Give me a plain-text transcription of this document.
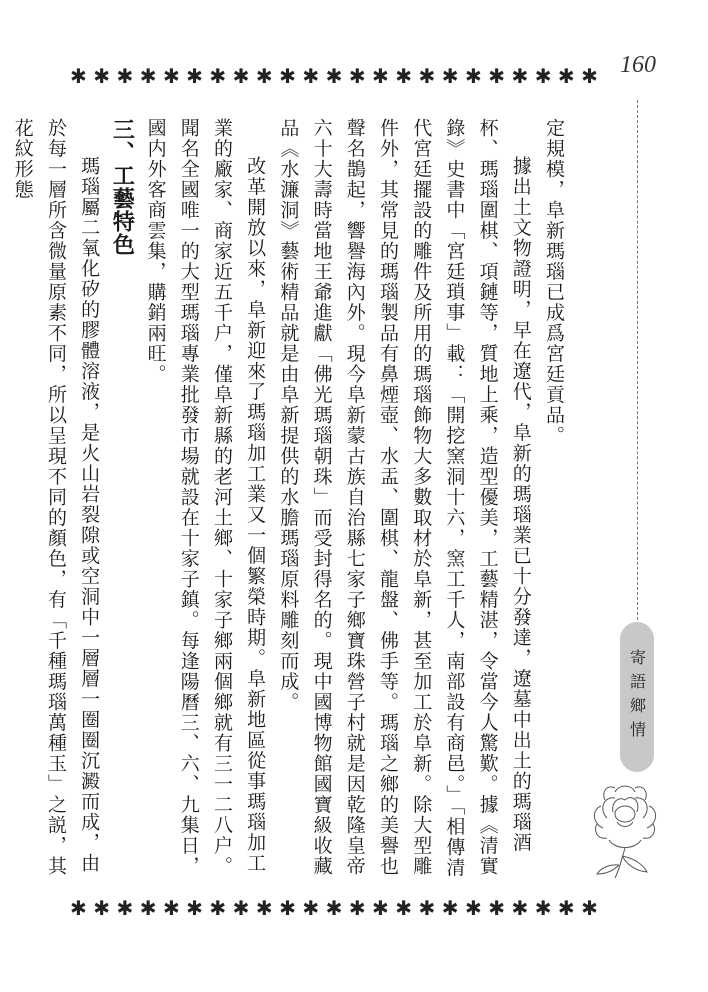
160
✱ ✱ ✱ ✱ ✱ ✱ ✱ ✱ ✱ ✱ ✱ ✱ ✱ ✱ ✱ ✱ ✱ ✱ ✱ ✱ ✱ ✱ ✱
寄語鄉情

定規模，阜新瑪瑙已成爲宮廷貢品。

據出土文物證明，早在遼代，阜新的瑪瑙業已十分發達，遼墓中出土的瑪瑙酒杯、瑪瑙圍棋、項鏈等，質地上乘，造型優美，工藝精湛，令當今人驚歎。據《清實錄》史書中「宮廷瑣事」載：「開挖窯洞十六，窯工千人，南部設有商邑。」「相傳清代宮廷擺設的雕件及所用的瑪瑙飾物大多數取材於阜新，甚至加工於阜新。除大型雕件外，其常見的瑪瑙製品有鼻煙壺、水盂、圍棋、龍盤、佛手等。瑪瑙之鄉的美譽也聲名鵲起，響譽海內外。現今阜新蒙古族自治縣七家子鄉寶珠營子村就是因乾隆皇帝六十大壽時當地王爺進獻「佛光瑪瑙朝珠」而受封得名的。現中國博物館國寶級收藏品《水濂洞》藝術精品就是由阜新提供的水膽瑪瑙原料雕刻而成。

改革開放以來，阜新迎來了瑪瑙加工業又一個繁榮時期。阜新地區從事瑪瑙加工業的廠家、商家近五千户，僅阜新縣的老河土鄉、十家子鄉兩個鄉就有三一二八户。聞名全國唯一的大型瑪瑙專業批發市場就設在十家子鎮。每逢陽曆三、六、九集日，國内外客商雲集，購銷兩旺。

三、工藝特色

瑪瑙屬二氧化矽的膠體溶液，是火山岩裂隙或空洞中一層層一圈圈沉澱而成，由於每一層所含微量原素不同，所以呈現不同的顏色，有「千種瑪瑙萬種玉」之説，其花紋形態

✱ ✱ ✱ ✱ ✱ ✱ ✱ ✱ ✱ ✱ ✱ ✱ ✱ ✱ ✱ ✱ ✱ ✱ ✱ ✱ ✱ ✱ ✱
